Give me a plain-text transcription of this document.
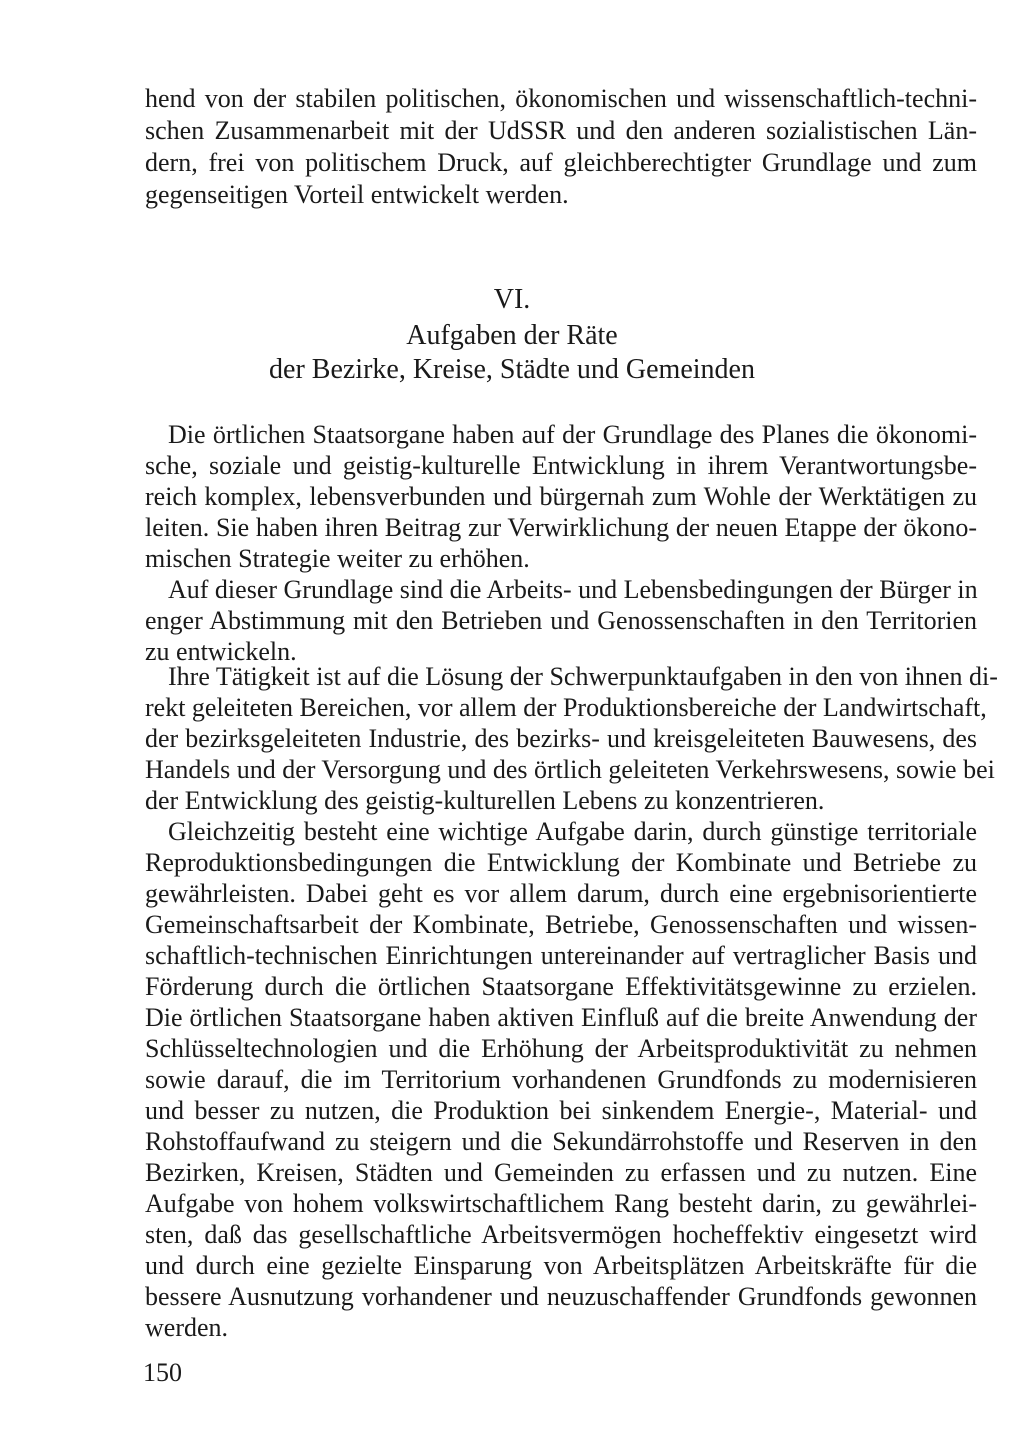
hend von der stabilen politischen, ökonomischen und wissenschaftlich-techni-
schen Zusammenarbeit mit der UdSSR und den anderen sozialistischen Län-
dern, frei von politischem Druck, auf gleichberechtigter Grundlage und zum
gegenseitigen Vorteil entwickelt werden.
VI.
Aufgaben der Räte
der Bezirke, Kreise, Städte und Gemeinden
Die örtlichen Staatsorgane haben auf der Grundlage des Planes die ökonomi-
sche, soziale und geistig-kulturelle Entwicklung in ihrem Verantwortungsbe-
reich komplex, lebensverbunden und bürgernah zum Wohle der Werktätigen zu
leiten. Sie haben ihren Beitrag zur Verwirklichung der neuen Etappe der ökono-
mischen Strategie weiter zu erhöhen.
Auf dieser Grundlage sind die Arbeits- und Lebensbedingungen der Bürger in
enger Abstimmung mit den Betrieben und Genossenschaften in den Territorien
zu entwickeln.
Ihre Tätigkeit ist auf die Lösung der Schwerpunktaufgaben in den von ihnen di-
rekt geleiteten Bereichen, vor allem der Produktionsbereiche der Landwirtschaft,
der bezirksgeleiteten Industrie, des bezirks- und kreisgeleiteten Bauwesens, des
Handels und der Versorgung und des örtlich geleiteten Verkehrswesens, sowie bei
der Entwicklung des geistig-kulturellen Lebens zu konzentrieren.
Gleichzeitig besteht eine wichtige Aufgabe darin, durch günstige territoriale
Reproduktionsbedingungen die Entwicklung der Kombinate und Betriebe zu
gewährleisten. Dabei geht es vor allem darum, durch eine ergebnisorientierte
Gemeinschaftsarbeit der Kombinate, Betriebe, Genossenschaften und wissen-
schaftlich-technischen Einrichtungen untereinander auf vertraglicher Basis und
Förderung durch die örtlichen Staatsorgane Effektivitätsgewinne zu erzielen.
Die örtlichen Staatsorgane haben aktiven Einfluß auf die breite Anwendung der
Schlüsseltechnologien und die Erhöhung der Arbeitsproduktivität zu nehmen
sowie darauf, die im Territorium vorhandenen Grundfonds zu modernisieren
und besser zu nutzen, die Produktion bei sinkendem Energie-, Material- und
Rohstoffaufwand zu steigern und die Sekundärrohstoffe und Reserven in den
Bezirken, Kreisen, Städten und Gemeinden zu erfassen und zu nutzen. Eine
Aufgabe von hohem volkswirtschaftlichem Rang besteht darin, zu gewährlei-
sten, daß das gesellschaftliche Arbeitsvermögen hocheffektiv eingesetzt wird
und durch eine gezielte Einsparung von Arbeitsplätzen Arbeitskräfte für die
bessere Ausnutzung vorhandener und neuzuschaffender Grundfonds gewonnen
werden.
150
